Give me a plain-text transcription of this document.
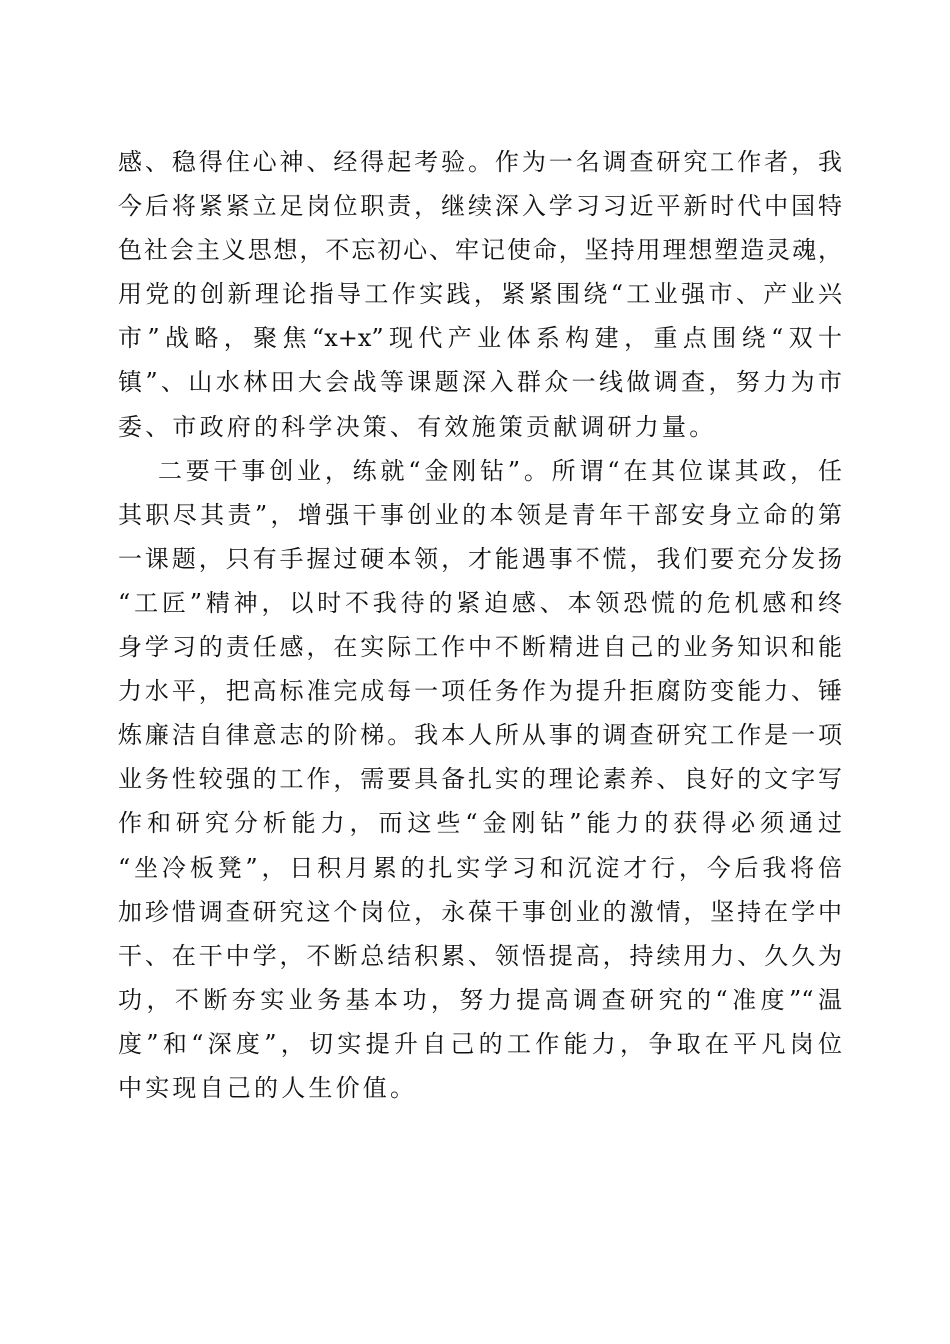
感、稳得住心神、经得起考验。作为一名调查研究工作者，我
今后将紧紧立足岗位职责，继续深入学习习近平新时代中国特
色社会主义思想，不忘初心、牢记使命，坚持用理想塑造灵魂，
用党的创新理论指导工作实践，紧紧围绕“工业强市、产业兴
市”战略，聚焦“x+x”现代产业体系构建，重点围绕“双十
镇”、山水林田大会战等课题深入群众一线做调查，努力为市
委、市政府的科学决策、有效施策贡献调研力量。
二要干事创业，练就“金刚钻”。所谓“在其位谋其政，任
其职尽其责”，增强干事创业的本领是青年干部安身立命的第
一课题，只有手握过硬本领，才能遇事不慌，我们要充分发扬
“工匠”精神，以时不我待的紧迫感、本领恐慌的危机感和终
身学习的责任感，在实际工作中不断精进自己的业务知识和能
力水平，把高标准完成每一项任务作为提升拒腐防变能力、锤
炼廉洁自律意志的阶梯。我本人所从事的调查研究工作是一项
业务性较强的工作，需要具备扎实的理论素养、良好的文字写
作和研究分析能力，而这些“金刚钻”能力的获得必须通过
“坐冷板凳”，日积月累的扎实学习和沉淀才行，今后我将倍
加珍惜调查研究这个岗位，永葆干事创业的激情，坚持在学中
干、在干中学，不断总结积累、领悟提高，持续用力、久久为
功，不断夯实业务基本功，努力提高调查研究的“准度”“温
度”和“深度”，切实提升自己的工作能力，争取在平凡岗位
中实现自己的人生价值。
